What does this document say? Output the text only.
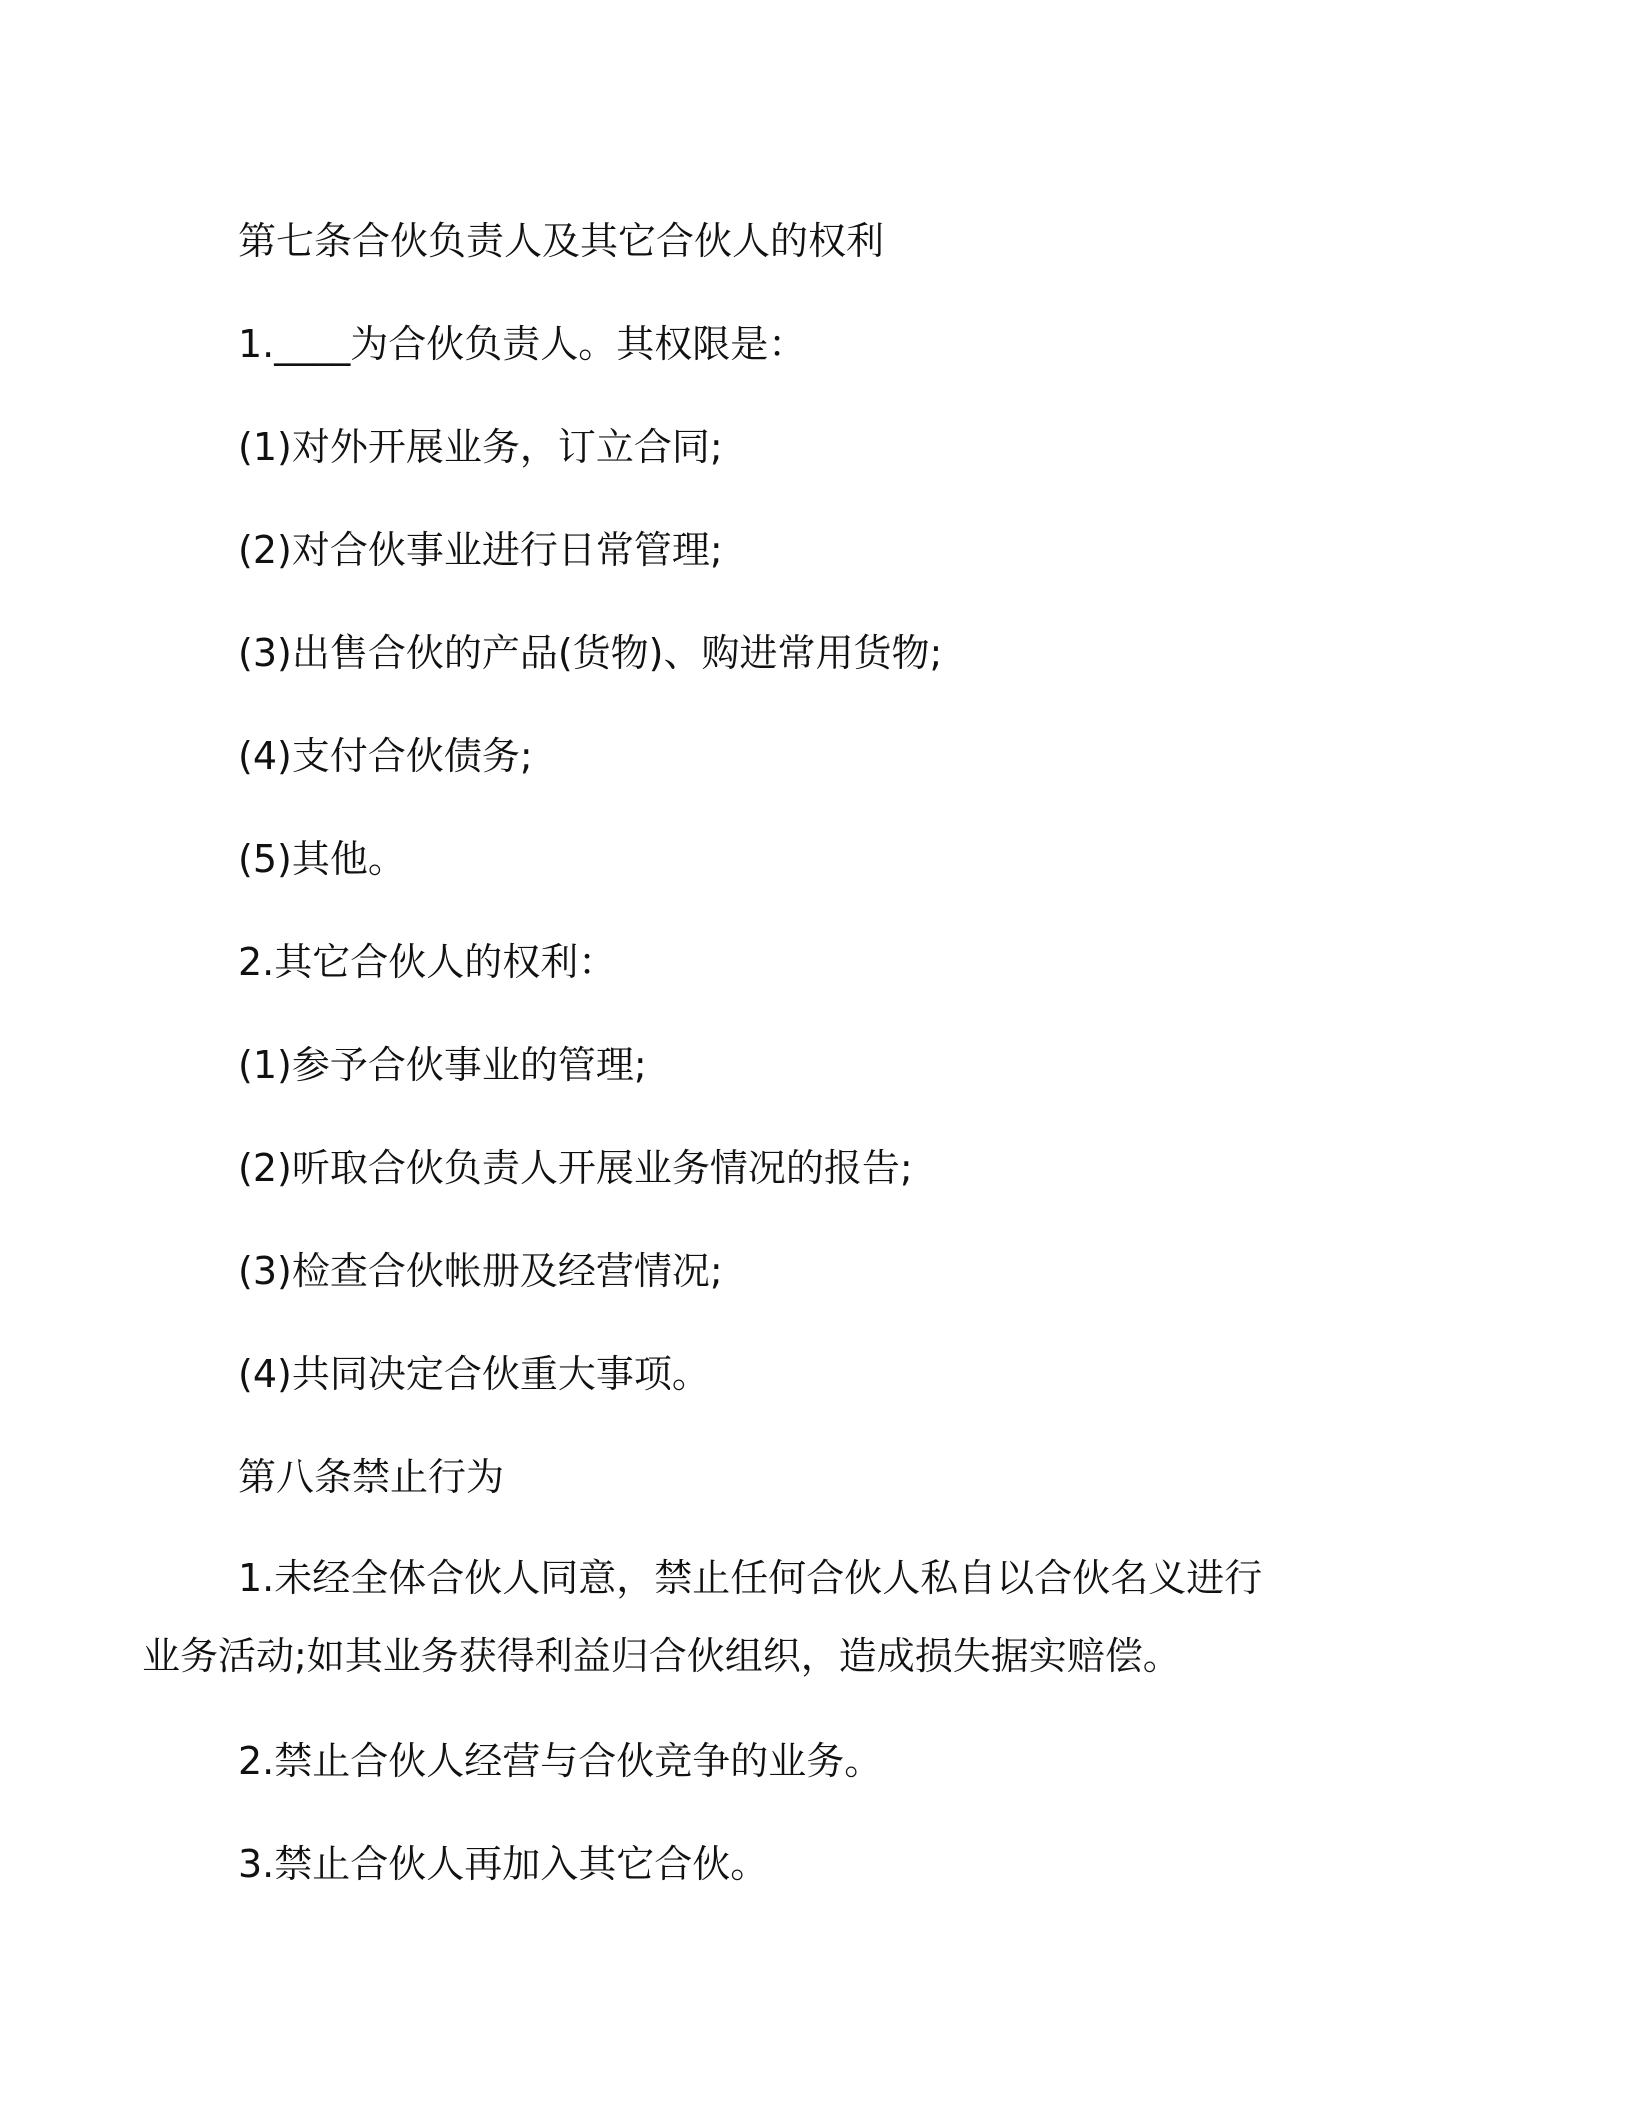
第七条合伙负责人及其它合伙人的权利

1.____为合伙负责人。其权限是：

(1)对外开展业务，订立合同;

(2)对合伙事业进行日常管理;

(3)出售合伙的产品(货物)、购进常用货物;

(4)支付合伙债务;

(5)其他。

2.其它合伙人的权利：

(1)参予合伙事业的管理;

(2)听取合伙负责人开展业务情况的报告;

(3)检查合伙帐册及经营情况;

(4)共同决定合伙重大事项。

第八条禁止行为

1.未经全体合伙人同意，禁止任何合伙人私自以合伙名义进行业务活动;如其业务获得利益归合伙组织，造成损失据实赔偿。

2.禁止合伙人经营与合伙竞争的业务。

3.禁止合伙人再加入其它合伙。
